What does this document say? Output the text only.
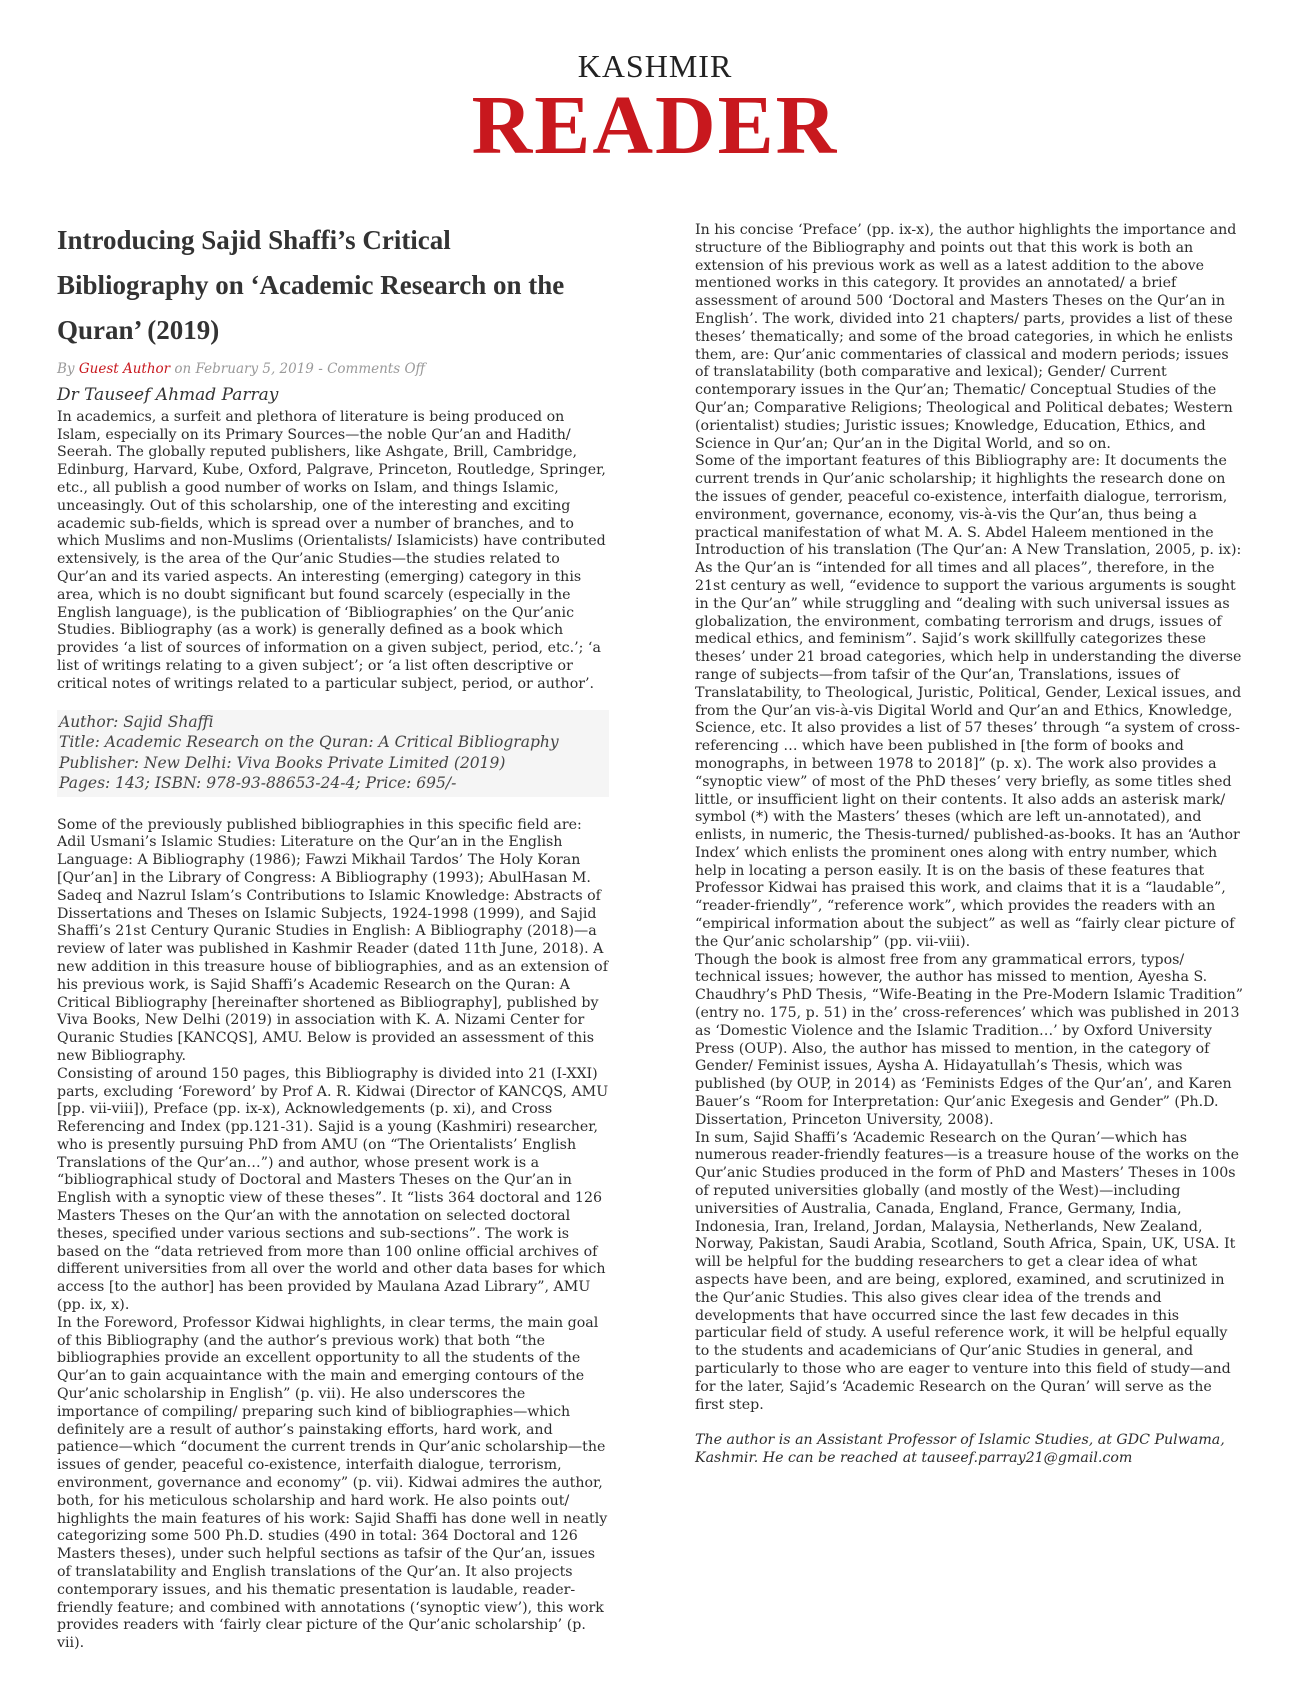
KASHMIR
READER
Introducing Sajid Shaffi’s Critical Bibliography on ‘Academic Research on the Quran’ (2019)
By Guest Author on February 5, 2019 - Comments Off
Dr Tauseef Ahmad Parray

In academics, a surfeit and plethora of literature is being produced on Islam, especially on its Primary Sources—the noble Qur’an and Hadith/ Seerah. The globally reputed publishers, like Ashgate, Brill, Cambridge, Edinburg, Harvard, Kube, Oxford, Palgrave, Princeton, Routledge, Springer, etc., all publish a good number of works on Islam, and things Islamic, unceasingly. Out of this scholarship, one of the interesting and exciting academic sub-fields, which is spread over a number of branches, and to which Muslims and non-Muslims (Orientalists/ Islamicists) have contributed extensively, is the area of the Qur’anic Studies—the studies related to Qur’an and its varied aspects. An interesting (emerging) category in this area, which is no doubt significant but found scarcely (especially in the English language), is the publication of ‘Bibliographies’ on the Qur’anic Studies. Bibliography (as a work) is generally defined as a book which provides ‘a list of sources of information on a given subject, period, etc.’; ‘a list of writings relating to a given subject’; or ‘a list often descriptive or critical notes of writings related to a particular subject, period, or author’.

Author: Sajid Shaffi
Title: Academic Research on the Quran: A Critical Bibliography
Publisher: New Delhi: Viva Books Private Limited (2019)
Pages: 143; ISBN: 978-93-88653-24-4; Price: 695/-

Some of the previously published bibliographies in this specific field are: Adil Usmani’s Islamic Studies: Literature on the Qur’an in the English Language: A Bibliography (1986); Fawzi Mikhail Tardos’ The Holy Koran [Qur’an] in the Library of Congress: A Bibliography (1993); AbulHasan M. Sadeq and Nazrul Islam’s Contributions to Islamic Knowledge: Abstracts of Dissertations and Theses on Islamic Subjects, 1924-1998 (1999), and Sajid Shaffi’s 21st Century Quranic Studies in English: A Bibliography (2018)—a review of later was published in Kashmir Reader (dated 11th June, 2018). A new addition in this treasure house of bibliographies, and as an extension of his previous work, is Sajid Shaffi’s Academic Research on the Quran: A Critical Bibliography [hereinafter shortened as Bibliography], published by Viva Books, New Delhi (2019) in association with K. A. Nizami Center for Quranic Studies [KANCQS], AMU. Below is provided an assessment of this new Bibliography.

Consisting of around 150 pages, this Bibliography is divided into 21 (I-XXI) parts, excluding ‘Foreword’ by Prof A. R. Kidwai (Director of KANCQS, AMU [pp. vii-viii]), Preface (pp. ix-x), Acknowledgements (p. xi), and Cross Referencing and Index (pp.121-31). Sajid is a young (Kashmiri) researcher, who is presently pursuing PhD from AMU (on “The Orientalists’ English Translations of the Qur’an…”) and author, whose present work is a “bibliographical study of Doctoral and Masters Theses on the Qur’an in English with a synoptic view of these theses”. It “lists 364 doctoral and 126 Masters Theses on the Qur’an with the annotation on selected doctoral theses, specified under various sections and sub-sections”. The work is based on the “data retrieved from more than 100 online official archives of different universities from all over the world and other data bases for which access [to the author] has been provided by Maulana Azad Library”, AMU (pp. ix, x).

In the Foreword, Professor Kidwai highlights, in clear terms, the main goal of this Bibliography (and the author’s previous work) that both “the bibliographies provide an excellent opportunity to all the students of the Qur’an to gain acquaintance with the main and emerging contours of the Qur’anic scholarship in English” (p. vii). He also underscores the importance of compiling/ preparing such kind of bibliographies—which definitely are a result of author’s painstaking efforts, hard work, and patience—which “document the current trends in Qur’anic scholarship—the issues of gender, peaceful co-existence, interfaith dialogue, terrorism, environment, governance and economy” (p. vii). Kidwai admires the author, both, for his meticulous scholarship and hard work. He also points out/ highlights the main features of his work: Sajid Shaffi has done well in neatly categorizing some 500 Ph.D. studies (490 in total: 364 Doctoral and 126 Masters theses), under such helpful sections as tafsir of the Qur’an, issues of translatability and English translations of the Qur’an. It also projects contemporary issues, and his thematic presentation is laudable, reader-friendly feature; and combined with annotations (‘synoptic view’), this work provides readers with ‘fairly clear picture of the Qur’anic scholarship’ (p. vii).

In his concise ‘Preface’ (pp. ix-x), the author highlights the importance and structure of the Bibliography and points out that this work is both an extension of his previous work as well as a latest addition to the above mentioned works in this category. It provides an annotated/ a brief assessment of around 500 ‘Doctoral and Masters Theses on the Qur’an in English’. The work, divided into 21 chapters/ parts, provides a list of these theses’ thematically; and some of the broad categories, in which he enlists them, are: Qur’anic commentaries of classical and modern periods; issues of translatability (both comparative and lexical); Gender/ Current contemporary issues in the Qur’an; Thematic/ Conceptual Studies of the Qur’an; Comparative Religions; Theological and Political debates; Western (orientalist) studies; Juristic issues; Knowledge, Education, Ethics, and Science in Qur’an; Qur’an in the Digital World, and so on.

Some of the important features of this Bibliography are: It documents the current trends in Qur’anic scholarship; it highlights the research done on the issues of gender, peaceful co-existence, interfaith dialogue, terrorism, environment, governance, economy, vis-à-vis the Qur’an, thus being a practical manifestation of what M. A. S. Abdel Haleem mentioned in the Introduction of his translation (The Qur’an: A New Translation, 2005, p. ix): As the Qur’an is “intended for all times and all places”, therefore, in the 21st century as well, “evidence to support the various arguments is sought in the Qur’an” while struggling and “dealing with such universal issues as globalization, the environment, combating terrorism and drugs, issues of medical ethics, and feminism”. Sajid’s work skillfully categorizes these theses’ under 21 broad categories, which help in understanding the diverse range of subjects—from tafsir of the Qur’an, Translations, issues of Translatability, to Theological, Juristic, Political, Gender, Lexical issues, and from the Qur’an vis-à-vis Digital World and Qur’an and Ethics, Knowledge, Science, etc. It also provides a list of 57 theses’ through “a system of cross-referencing … which have been published in [the form of books and monographs, in between 1978 to 2018]” (p. x). The work also provides a “synoptic view” of most of the PhD theses’ very briefly, as some titles shed little, or insufficient light on their contents. It also adds an asterisk mark/ symbol (*) with the Masters’ theses (which are left un-annotated), and enlists, in numeric, the Thesis-turned/ published-as-books. It has an ‘Author Index’ which enlists the prominent ones along with entry number, which help in locating a person easily. It is on the basis of these features that Professor Kidwai has praised this work, and claims that it is a “laudable”, “reader-friendly”, “reference work”, which provides the readers with an “empirical information about the subject” as well as “fairly clear picture of the Qur’anic scholarship” (pp. vii-viii).

Though the book is almost free from any grammatical errors, typos/ technical issues; however, the author has missed to mention, Ayesha S. Chaudhry’s PhD Thesis, “Wife-Beating in the Pre-Modern Islamic Tradition” (entry no. 175, p. 51) in the’ cross-references’ which was published in 2013 as ‘Domestic Violence and the Islamic Tradition…’ by Oxford University Press (OUP). Also, the author has missed to mention, in the category of Gender/ Feminist issues, Aysha A. Hidayatullah’s Thesis, which was published (by OUP, in 2014) as ‘Feminists Edges of the Qur’an’, and Karen Bauer’s “Room for Interpretation: Qur’anic Exegesis and Gender” (Ph.D. Dissertation, Princeton University, 2008).

In sum, Sajid Shaffi’s ‘Academic Research on the Quran’—which has numerous reader-friendly features—is a treasure house of the works on the Qur’anic Studies produced in the form of PhD and Masters’ Theses in 100s of reputed universities globally (and mostly of the West)—including universities of Australia, Canada, England, France, Germany, India, Indonesia, Iran, Ireland, Jordan, Malaysia, Netherlands, New Zealand, Norway, Pakistan, Saudi Arabia, Scotland, South Africa, Spain, UK, USA. It will be helpful for the budding researchers to get a clear idea of what aspects have been, and are being, explored, examined, and scrutinized in the Qur’anic Studies. This also gives clear idea of the trends and developments that have occurred since the last few decades in this particular field of study. A useful reference work, it will be helpful equally to the students and academicians of Qur’anic Studies in general, and particularly to those who are eager to venture into this field of study—and for the later, Sajid’s ‘Academic Research on the Quran’ will serve as the first step.

The author is an Assistant Professor of Islamic Studies, at GDC Pulwama, Kashmir. He can be reached at tauseef.parray21@gmail.com
